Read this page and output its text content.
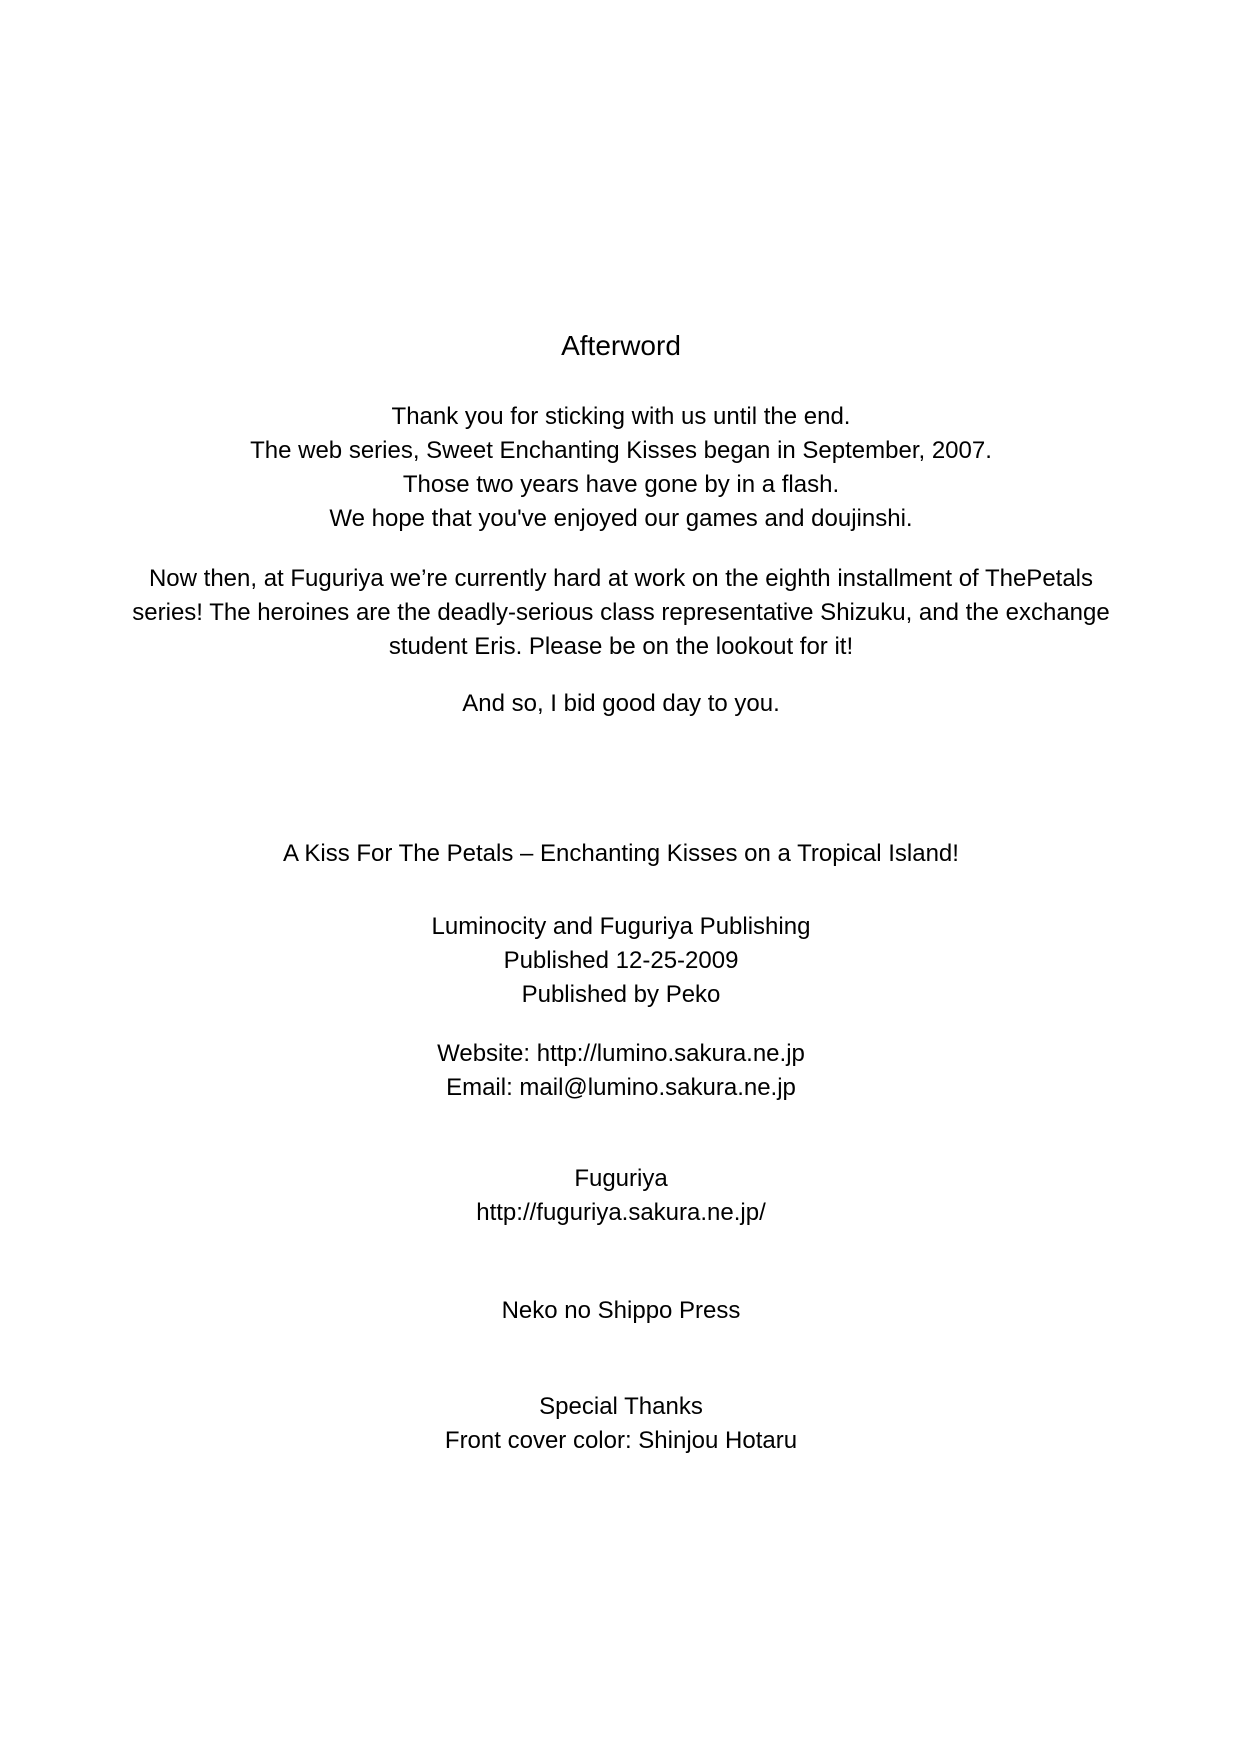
Afterword
Thank you for sticking with us until the end.
The web series, Sweet Enchanting Kisses began in September, 2007.
Those two years have gone by in a flash.
We hope that you've enjoyed our games and doujinshi.
Now then, at Fuguriya we’re currently hard at work on the eighth installment of ThePetals
series! The heroines are the deadly-serious class representative Shizuku, and the exchange
student Eris. Please be on the lookout for it!
And so, I bid good day to you.
A Kiss For The Petals – Enchanting Kisses on a Tropical Island!
Luminocity and Fuguriya Publishing
Published 12-25-2009
Published by Peko
Website: http://lumino.sakura.ne.jp
Email: mail@lumino.sakura.ne.jp
Fuguriya
http://fuguriya.sakura.ne.jp/
Neko no Shippo Press
Special Thanks
Front cover color: Shinjou Hotaru
